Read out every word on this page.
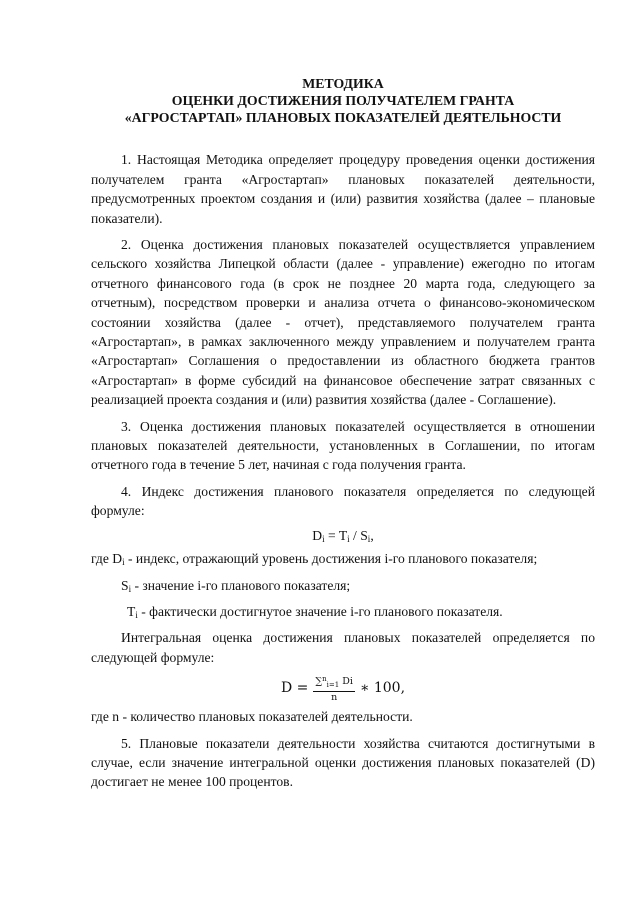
МЕТОДИКА
ОЦЕНКИ ДОСТИЖЕНИЯ ПОЛУЧАТЕЛЕМ ГРАНТА
«АГРОСТАРТАП» ПЛАНОВЫХ ПОКАЗАТЕЛЕЙ ДЕЯТЕЛЬНОСТИ

1. Настоящая Методика определяет процедуру проведения оценки достижения получателем гранта «Агростартап» плановых показателей деятельности, предусмотренных проектом создания и (или) развития хозяйства (далее – плановые показатели).

2. Оценка достижения плановых показателей осуществляется управлением сельского хозяйства Липецкой области (далее - управление) ежегодно по итогам отчетного финансового года (в срок не позднее 20 марта года, следующего за отчетным), посредством проверки и анализа отчета о финансово-экономическом состоянии хозяйства (далее - отчет), представляемого получателем гранта «Агростартап», в рамках заключенного между управлением и получателем гранта «Агростартап» Соглашения о предоставлении из областного бюджета грантов «Агростартап» в форме субсидий на финансовое обеспечение затрат связанных с реализацией проекта создания и (или) развития хозяйства (далее - Соглашение).

3. Оценка достижения плановых показателей осуществляется в отношении плановых показателей деятельности, установленных в Соглашении, по итогам отчетного года в течение 5 лет, начиная с года получения гранта.

4. Индекс достижения планового показателя определяется по следующей формуле:

$D_i = T_i / S_i$,

где $D_i$ - индекс, отражающий уровень достижения i-го планового показателя;

$S_i$ - значение i-го планового показателя;
$T_i$ - фактически достигнутое значение i-го планового показателя.

Интегральная оценка достижения плановых показателей определяется по следующей формуле:

$D = \frac{\sum^n_{i=1} Di}{n}$ ∗ 100,

где n - количество плановых показателей деятельности.

5. Плановые показатели деятельности хозяйства считаются достигнутыми в случае, если значение интегральной оценки достижения плановых показателей (D) достигает не менее 100 процентов.
